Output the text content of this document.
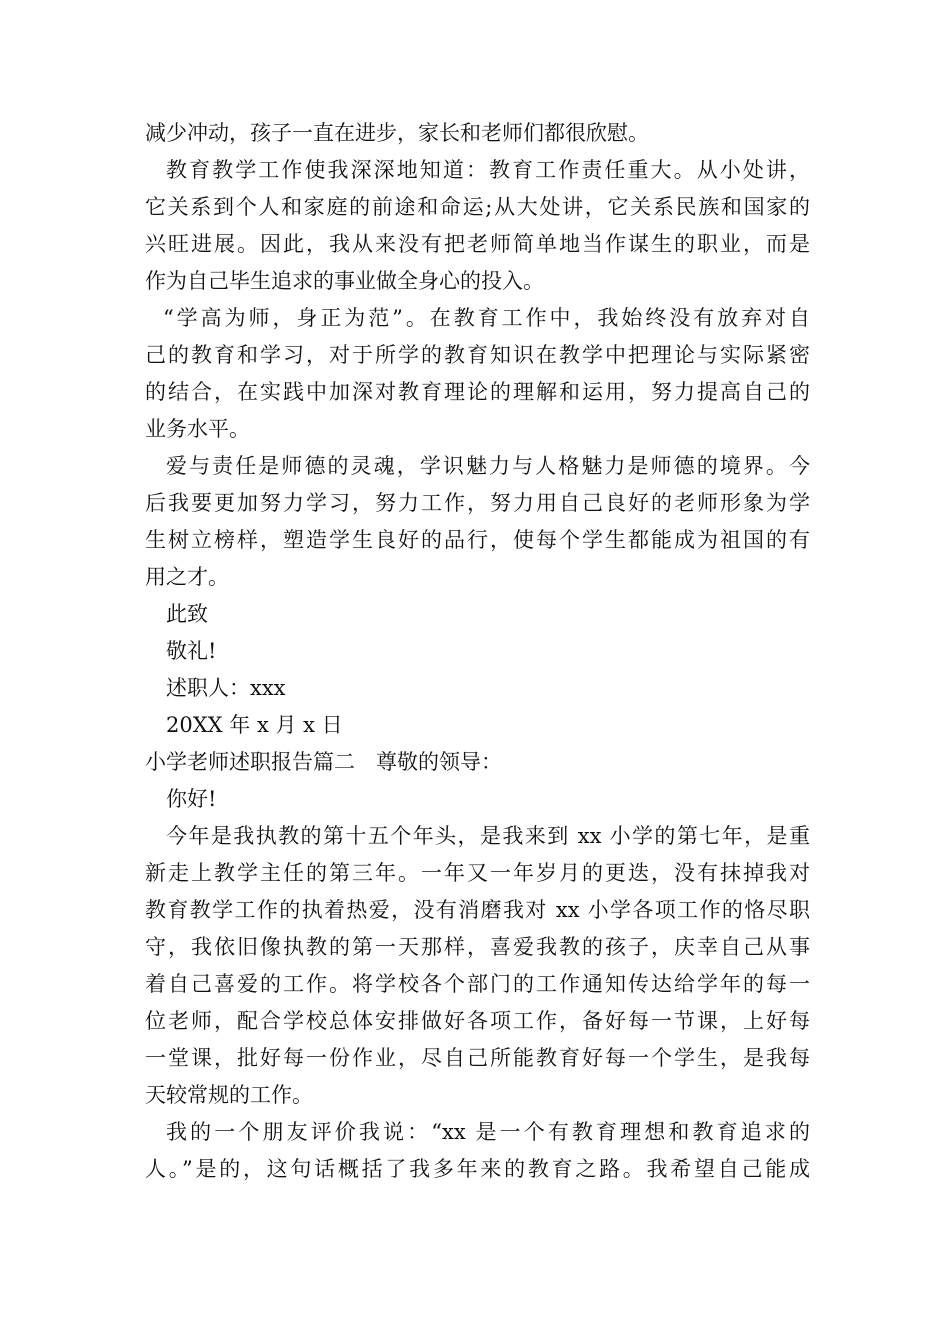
减少冲动，孩子一直在进步，家长和老师们都很欣慰。
教育教学工作使我深深地知道：教育工作责任重大。从小处讲，
它关系到个人和家庭的前途和命运;从大处讲，它关系民族和国家的
兴旺进展。因此，我从来没有把老师简单地当作谋生的职业，而是
作为自己毕生追求的事业做全身心的投入。
“学高为师，身正为范”。在教育工作中，我始终没有放弃对自
己的教育和学习，对于所学的教育知识在教学中把理论与实际紧密
的结合，在实践中加深对教育理论的理解和运用，努力提高自己的
业务水平。
爱与责任是师德的灵魂，学识魅力与人格魅力是师德的境界。今
后我要更加努力学习，努力工作，努力用自己良好的老师形象为学
生树立榜样，塑造学生良好的品行，使每个学生都能成为祖国的有
用之才。
此致
敬礼!
述职人：xxx
20XX 年 x 月 x 日
小学老师述职报告篇二　尊敬的领导：
你好!
今年是我执教的第十五个年头，是我来到 xx 小学的第七年，是重
新走上教学主任的第三年。一年又一年岁月的更迭，没有抹掉我对
教育教学工作的执着热爱，没有消磨我对 xx 小学各项工作的恪尽职
守，我依旧像执教的第一天那样，喜爱我教的孩子，庆幸自己从事
着自己喜爱的工作。将学校各个部门的工作通知传达给学年的每一
位老师，配合学校总体安排做好各项工作，备好每一节课，上好每
一堂课，批好每一份作业，尽自己所能教育好每一个学生，是我每
天较常规的工作。
我的一个朋友评价我说：“xx 是一个有教育理想和教育追求的
人。”是的，这句话概括了我多年来的教育之路。我希望自己能成
